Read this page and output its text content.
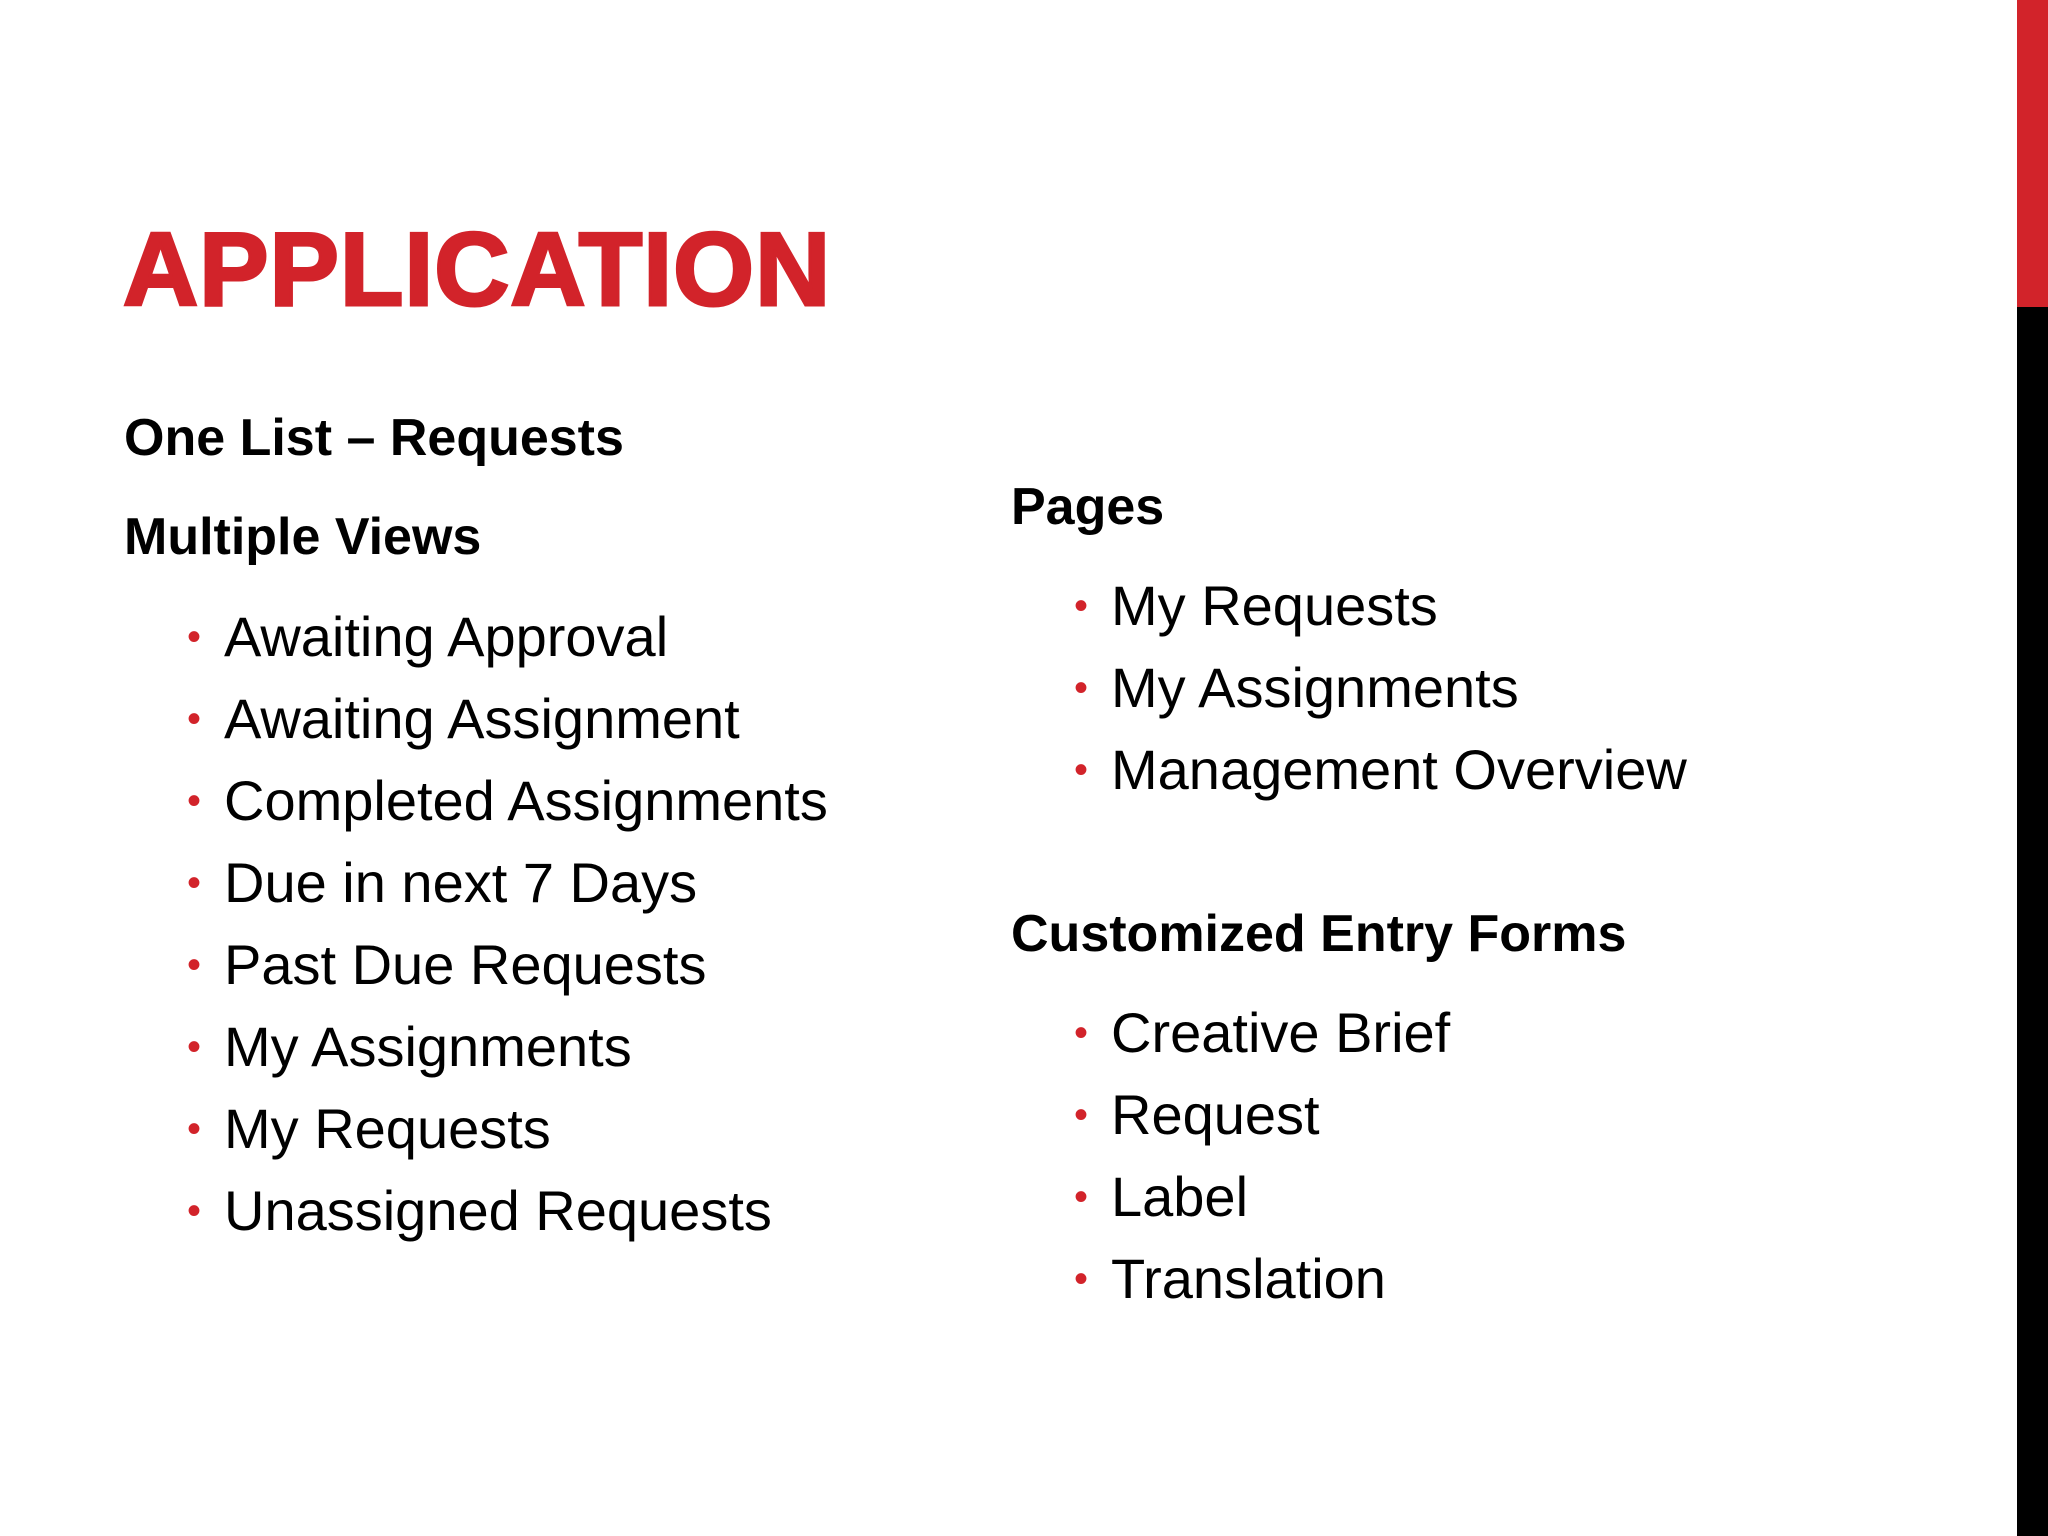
APPLICATION
One List – Requests
Multiple Views
• Awaiting Approval
• Awaiting Assignment
• Completed Assignments
• Due in next 7 Days
• Past Due Requests
• My Assignments
• My Requests
• Unassigned Requests
Pages
• My Requests
• My Assignments
• Management Overview
Customized Entry Forms
• Creative Brief
• Request
• Label
• Translation
